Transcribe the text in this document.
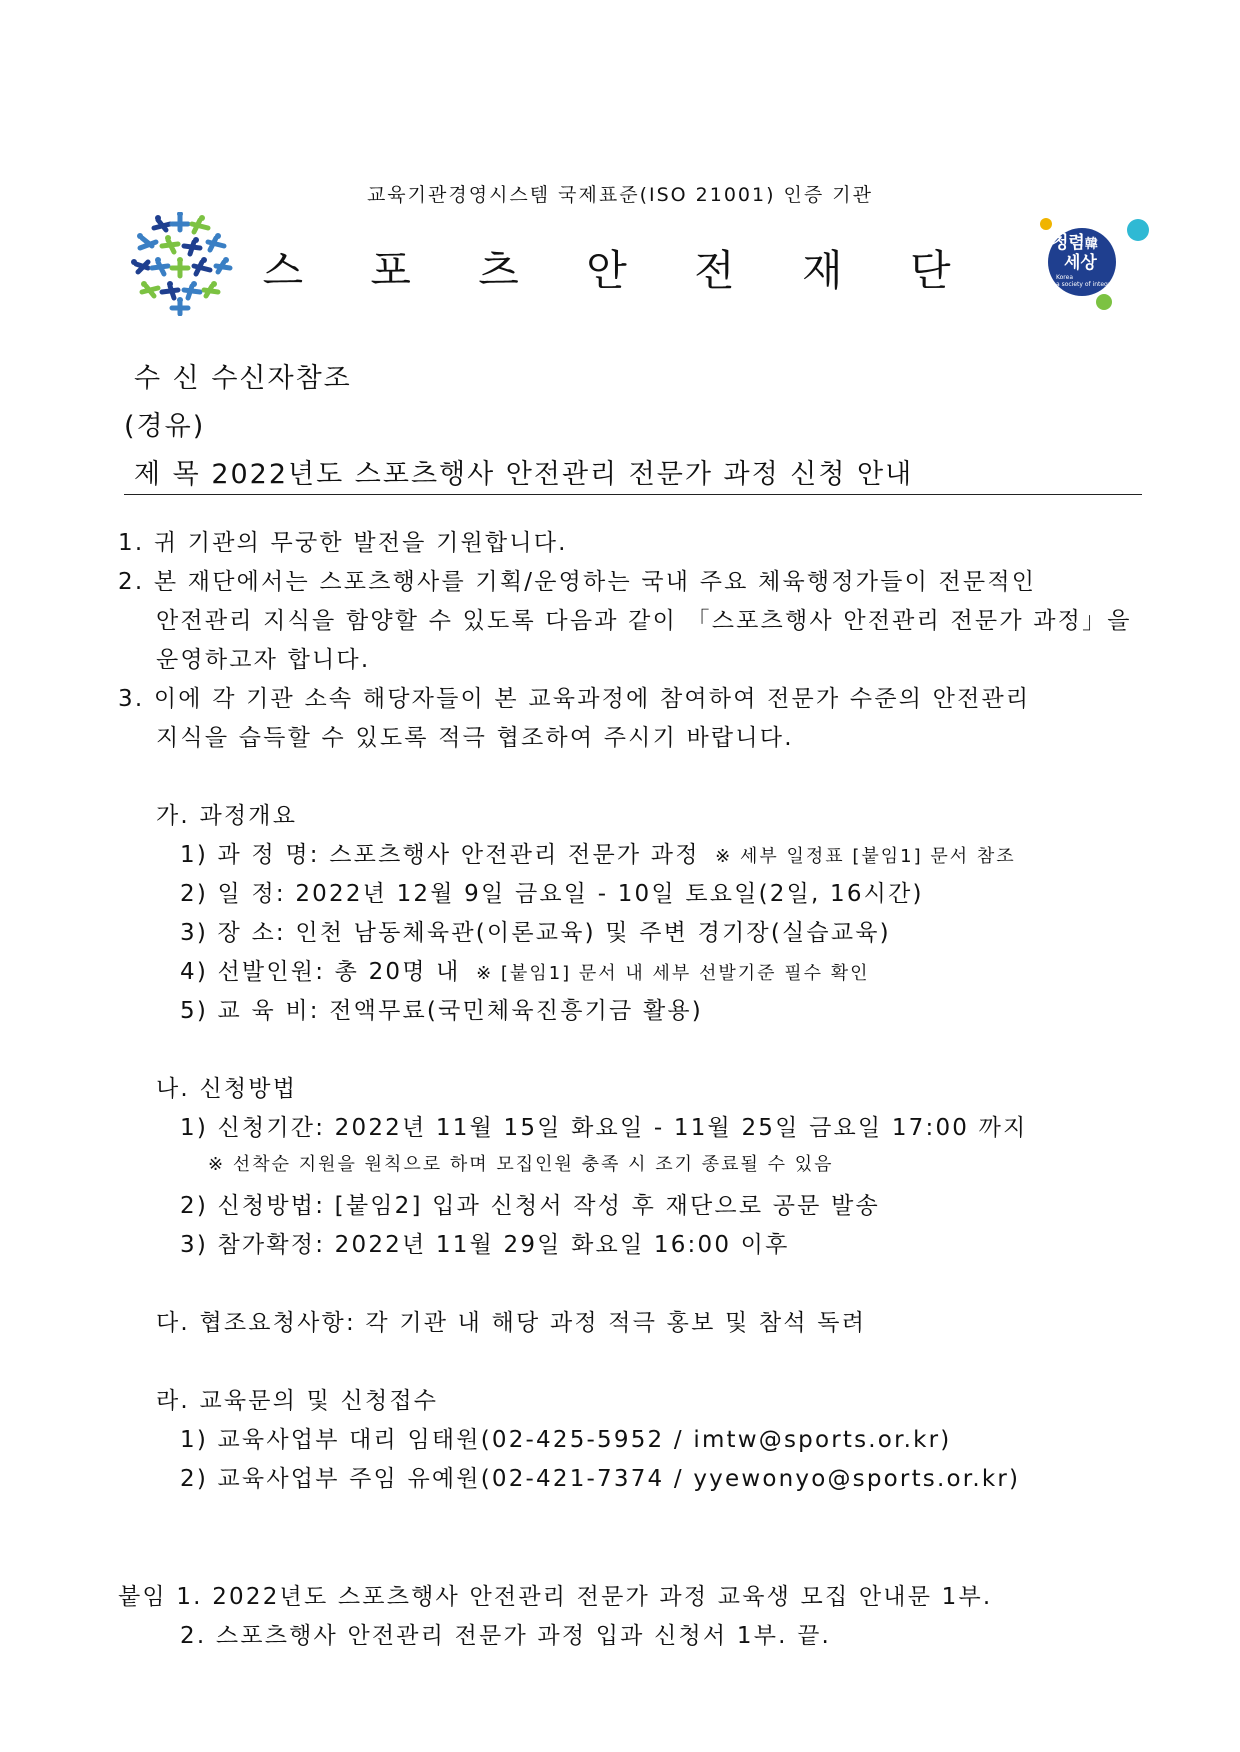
교육기관경영시스템 국제표준(ISO 21001) 인증 기관
스 포 츠 안 전 재 단
청렴韓
세상
Korea
a society of integrity
수 신 수신자참조
(경유)
제 목 2022년도 스포츠행사 안전관리 전문가 과정 신청 안내
1. 귀 기관의 무궁한 발전을 기원합니다.
2. 본 재단에서는 스포츠행사를 기획/운영하는 국내 주요 체육행정가들이 전문적인
안전관리 지식을 함양할 수 있도록 다음과 같이 「스포츠행사 안전관리 전문가 과정」을
운영하고자 합니다.
3. 이에 각 기관 소속 해당자들이 본 교육과정에 참여하여 전문가 수준의 안전관리
지식을 습득할 수 있도록 적극 협조하여 주시기 바랍니다.
가. 과정개요
1) 과 정 명: 스포츠행사 안전관리 전문가 과정 ※ 세부 일정표 [붙임1] 문서 참조
2) 일 정: 2022년 12월 9일 금요일 - 10일 토요일(2일, 16시간)
3) 장 소: 인천 남동체육관(이론교육) 및 주변 경기장(실습교육)
4) 선발인원: 총 20명 내 ※ [붙임1] 문서 내 세부 선발기준 필수 확인
5) 교 육 비: 전액무료(국민체육진흥기금 활용)
나. 신청방법
1) 신청기간: 2022년 11월 15일 화요일 - 11월 25일 금요일 17:00 까지
※ 선착순 지원을 원칙으로 하며 모집인원 충족 시 조기 종료될 수 있음
2) 신청방법: [붙임2] 입과 신청서 작성 후 재단으로 공문 발송
3) 참가확정: 2022년 11월 29일 화요일 16:00 이후
다. 협조요청사항: 각 기관 내 해당 과정 적극 홍보 및 참석 독려
라. 교육문의 및 신청접수
1) 교육사업부 대리 임태원(02-425-5952 / imtw@sports.or.kr)
2) 교육사업부 주임 유예원(02-421-7374 / yyewonyo@sports.or.kr)
붙임 1. 2022년도 스포츠행사 안전관리 전문가 과정 교육생 모집 안내문 1부.
2. 스포츠행사 안전관리 전문가 과정 입과 신청서 1부. 끝.
